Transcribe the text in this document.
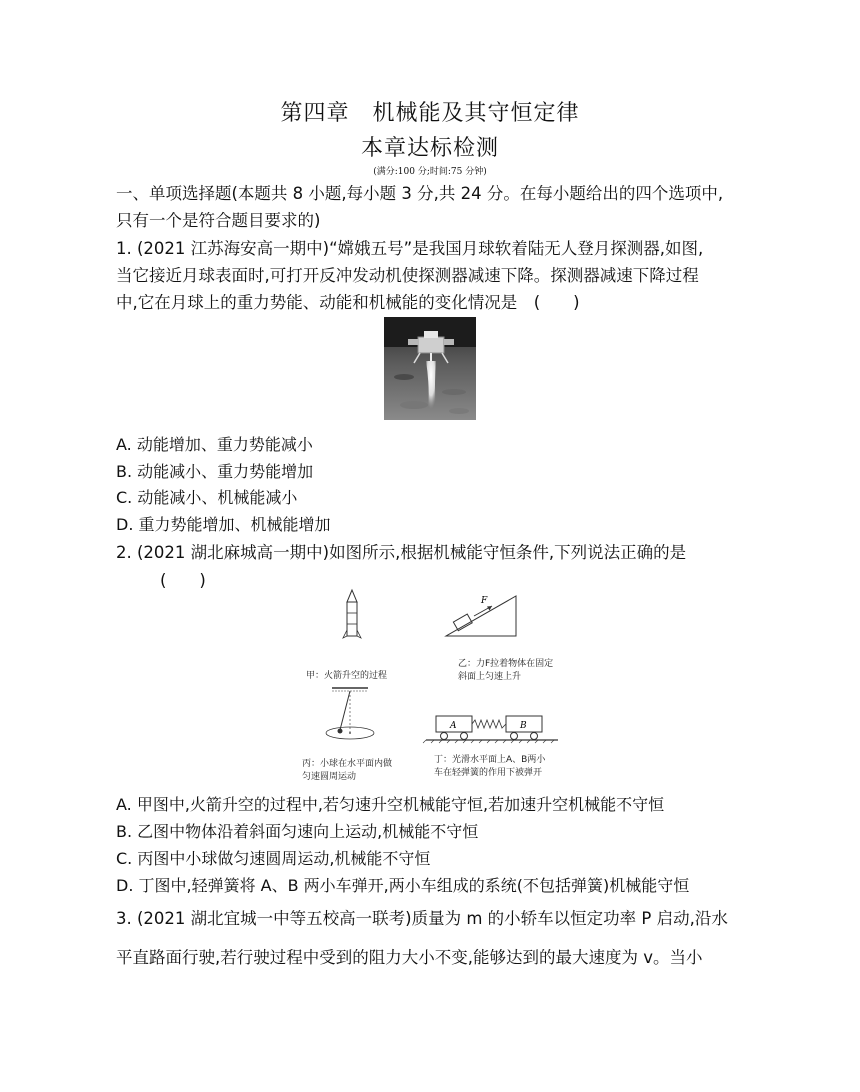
第四章　机械能及其守恒定律
本章达标检测
(满分:100 分;时间:75 分钟)
一、单项选择题(本题共 8 小题,每小题 3 分,共 24 分。在每小题给出的四个选项中,
只有一个是符合题目要求的)
1. (2021 江苏海安高一期中)“嫦娥五号”是我国月球软着陆无人登月探测器,如图,
当它接近月球表面时,可打开反冲发动机使探测器减速下降。探测器减速下降过程
中,它在月球上的重力势能、动能和机械能的变化情况是　(　　)
A. 动能增加、重力势能减小
B. 动能减小、重力势能增加
C. 动能减小、机械能减小
D. 重力势能增加、机械能增加
2. (2021 湖北麻城高一期中)如图所示,根据机械能守恒条件,下列说法正确的是
(　　)
甲：火箭升空的过程
F
乙：力F拉着物体在固定
斜面上匀速上升
丙：小球在水平面内做
匀速圆周运动
A	B
丁：光滑水平面上A、B两小
车在轻弹簧的作用下被弹开
A. 甲图中,火箭升空的过程中,若匀速升空机械能守恒,若加速升空机械能不守恒
B. 乙图中物体沿着斜面匀速向上运动,机械能不守恒
C. 丙图中小球做匀速圆周运动,机械能不守恒
D. 丁图中,轻弹簧将 A、B 两小车弹开,两小车组成的系统(不包括弹簧)机械能守恒
3. (2021 湖北宜城一中等五校高一联考)质量为 m 的小轿车以恒定功率 P 启动,沿水
平直路面行驶,若行驶过程中受到的阻力大小不变,能够达到的最大速度为 v。当小
